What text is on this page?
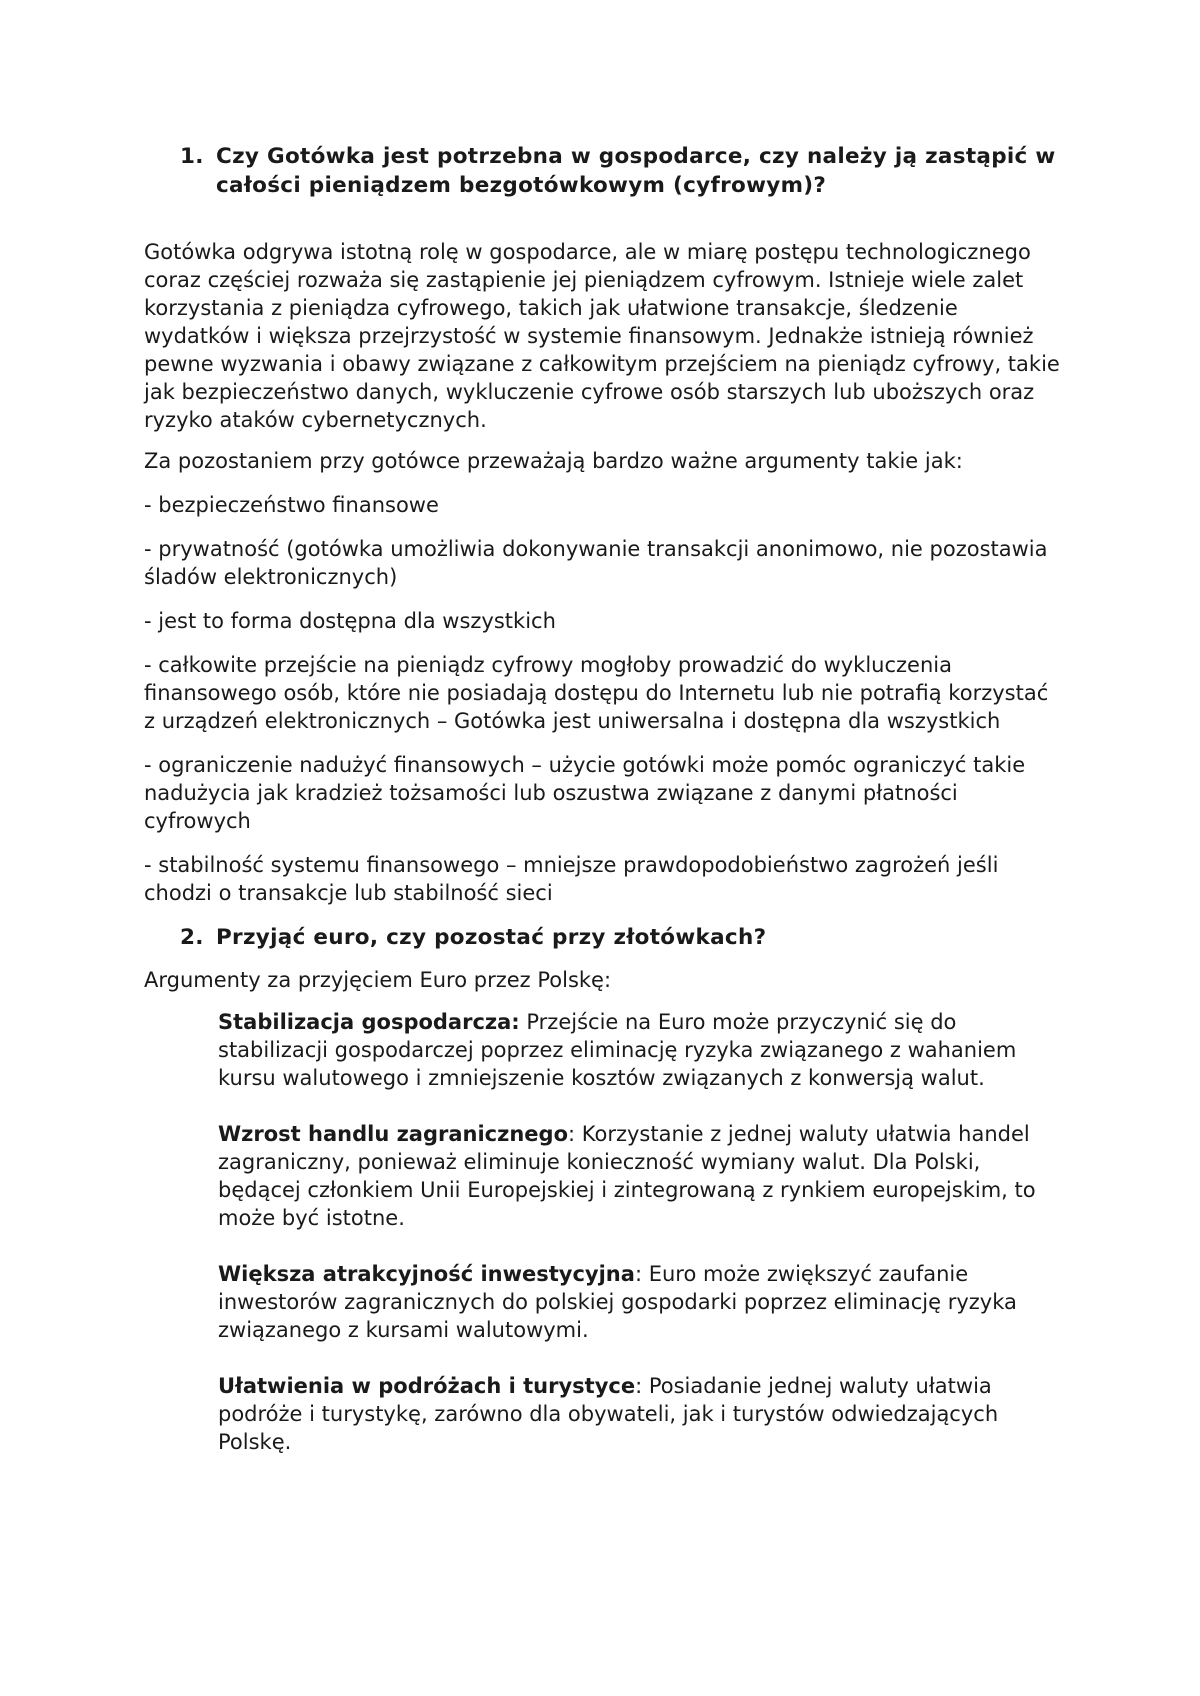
1. Czy Gotówka jest potrzebna w gospodarce, czy należy ją zastąpić w całości pieniądzem bezgotówkowym (cyfrowym)?

Gotówka odgrywa istotną rolę w gospodarce, ale w miarę postępu technologicznego coraz częściej rozważa się zastąpienie jej pieniądzem cyfrowym. Istnieje wiele zalet korzystania z pieniądza cyfrowego, takich jak ułatwione transakcje, śledzenie wydatków i większa przejrzystość w systemie finansowym. Jednakże istnieją również pewne wyzwania i obawy związane z całkowitym przejściem na pieniądz cyfrowy, takie jak bezpieczeństwo danych, wykluczenie cyfrowe osób starszych lub uboższych oraz ryzyko ataków cybernetycznych.

Za pozostaniem przy gotówce przeważają bardzo ważne argumenty takie jak:

- bezpieczeństwo finansowe

- prywatność (gotówka umożliwia dokonywanie transakcji anonimowo, nie pozostawia śladów elektronicznych)

- jest to forma dostępna dla wszystkich

- całkowite przejście na pieniądz cyfrowy mogłoby prowadzić do wykluczenia finansowego osób, które nie posiadają dostępu do Internetu lub nie potrafią korzystać z urządzeń elektronicznych – Gotówka jest uniwersalna i dostępna dla wszystkich

- ograniczenie nadużyć finansowych – użycie gotówki może pomóc ograniczyć takie nadużycia jak kradzież tożsamości lub oszustwa związane z danymi płatności cyfrowych

- stabilność systemu finansowego – mniejsze prawdopodobieństwo zagrożeń jeśli chodzi o transakcje lub stabilność sieci

2. Przyjąć euro, czy pozostać przy złotówkach?

Argumenty za przyjęciem Euro przez Polskę:

Stabilizacja gospodarcza: Przejście na Euro może przyczynić się do stabilizacji gospodarczej poprzez eliminację ryzyka związanego z wahaniem kursu walutowego i zmniejszenie kosztów związanych z konwersją walut.

Wzrost handlu zagranicznego: Korzystanie z jednej waluty ułatwia handel zagraniczny, ponieważ eliminuje konieczność wymiany walut. Dla Polski, będącej członkiem Unii Europejskiej i zintegrowaną z rynkiem europejskim, to może być istotne.

Większa atrakcyjność inwestycyjna: Euro może zwiększyć zaufanie inwestorów zagranicznych do polskiej gospodarki poprzez eliminację ryzyka związanego z kursami walutowymi.

Ułatwienia w podróżach i turystyce: Posiadanie jednej waluty ułatwia podróże i turystykę, zarówno dla obywateli, jak i turystów odwiedzających Polskę.
